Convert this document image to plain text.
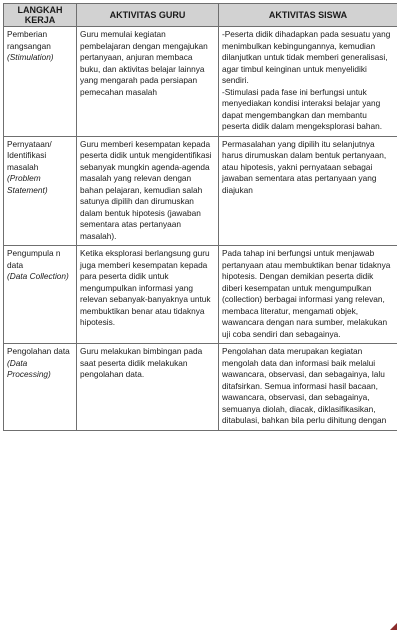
LANGKAH KERJA	AKTIVITAS GURU	AKTIVITAS SISWA

Pemberian rangsangan
(Stimulation)	Guru memulai kegiatan pembelajaran dengan mengajukan pertanyaan, anjuran membaca buku, dan aktivitas belajar lainnya yang mengarah pada persiapan pemecahan masalah	-Peserta didik dihadapkan pada sesuatu yang menimbulkan kebingungannya, kemudian dilanjutkan untuk tidak memberi generalisasi, agar timbul keinginan untuk menyelidiki sendiri.
-Stimulasi pada fase ini berfungsi untuk menyediakan kondisi interaksi belajar yang dapat mengembangkan dan membantu peserta didik dalam mengeksplorasi bahan.

Pernyataan/ Identifikasi masalah
(Problem Statement)	Guru memberi kesempatan kepada peserta didik untuk mengidentifikasi sebanyak mungkin agenda-agenda masalah yang relevan dengan bahan pelajaran, kemudian salah satunya dipilih dan dirumuskan dalam bentuk hipotesis (jawaban sementara atas pertanyaan masalah).	Permasalahan yang dipilih itu selanjutnya harus dirumuskan dalam bentuk pertanyaan, atau hipotesis, yakni pernyataan sebagai jawaban sementara atas pertanyaan yang diajukan

Pengumpula n data
(Data Collection)	Ketika eksplorasi berlangsung guru juga memberi kesempatan kepada para peserta didik untuk mengumpulkan informasi yang relevan sebanyak-banyaknya untuk membuktikan benar atau tidaknya hipotesis.	Pada tahap ini berfungsi untuk menjawab pertanyaan atau membuktikan benar tidaknya hipotesis. Dengan demikian peserta didik diberi kesempatan untuk mengumpulkan (collection) berbagai informasi yang relevan, membaca literatur, mengamati objek, wawancara dengan nara sumber, melakukan uji coba sendiri dan sebagainya.

Pengolahan data
(Data Processing)	Guru melakukan bimbingan pada saat peserta didik melakukan pengolahan data.	Pengolahan data merupakan kegiatan mengolah data dan informasi baik melalui wawancara, observasi, dan sebagainya, lalu ditafsirkan. Semua informasi hasil bacaan, wawancara, observasi, dan sebagainya, semuanya diolah, diacak, diklasifikasikan, ditabulasi, bahkan bila perlu dihitung dengan
